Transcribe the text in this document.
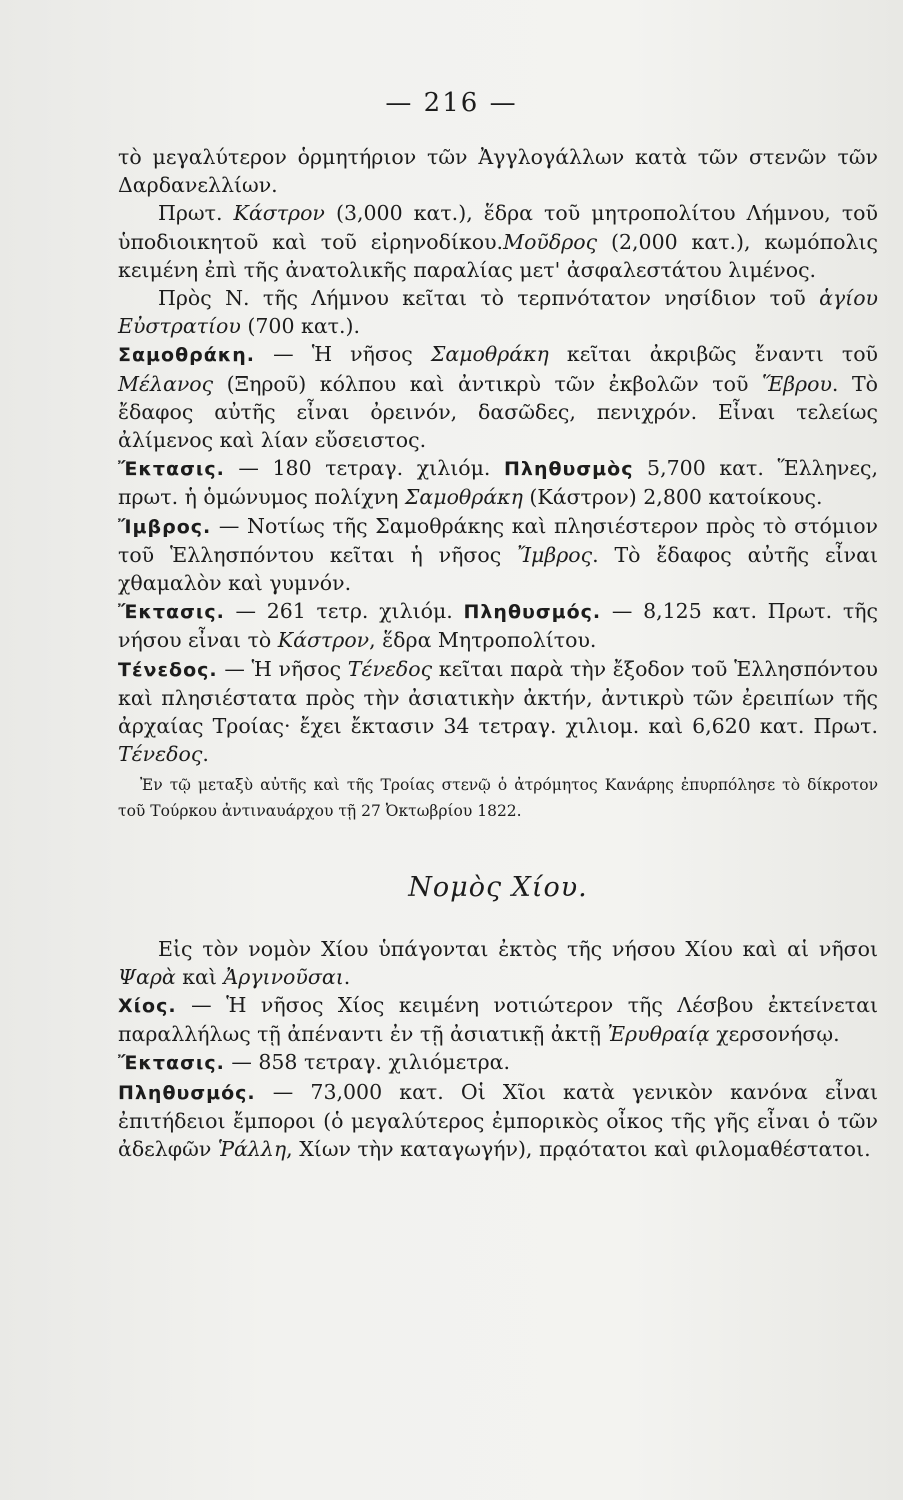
— 216 —

τὸ μεγαλύτερον ὁρμητήριον τῶν Ἀγγλογάλλων κατὰ τῶν στενῶν τῶν Δαρδανελλίων.

Πρωτ. Κάστρον (3,000 κατ.), ἕδρα τοῦ μητροπολίτου Λήμνου, τοῦ ὑποδιοικητοῦ καὶ τοῦ εἰρηνοδίκου.Μοῦδρος (2,000 κατ.), κωμόπολις κειμένη ἐπὶ τῆς ἀνατολικῆς παραλίας μετ' ἀσφαλεστάτου λιμένος.

Πρὸς Ν. τῆς Λήμνου κεῖται τὸ τερπνότατον νησίδιον τοῦ ἁγίου Εὐστρατίου (700 κατ.).

Σαμοθράκη. — Ἡ νῆσος Σαμοθράκη κεῖται ἀκριβῶς ἔναντι τοῦ Μέλανος (Ξηροῦ) κόλπου καὶ ἀντικρὺ τῶν ἐκβολῶν τοῦ Ἕβρου. Τὸ ἔδαφος αὐτῆς εἶναι ὀρεινόν, δασῶδες, πενιχρόν. Εἶναι τελείως ἀλίμενος καὶ λίαν εὔσειστος.

Ἔκτασις. — 180 τετραγ. χιλιόμ. Πληθυσμὸς 5,700 κατ. Ἕλληνες, πρωτ. ἡ ὁμώνυμος πολίχνη Σαμοθράκη (Κάστρον) 2,800 κατοίκους.

Ἴμβρος. — Νοτίως τῆς Σαμοθράκης καὶ πλησιέστερον πρὸς τὸ στόμιον τοῦ Ἑλλησπόντου κεῖται ἡ νῆσος Ἴμβρος. Τὸ ἔδαφος αὐτῆς εἶναι χθαμαλὸν καὶ γυμνόν.

Ἔκτασις. — 261 τετρ. χιλιόμ. Πληθυσμός. — 8,125 κατ. Πρωτ. τῆς νήσου εἶναι τὸ Κάστρον, ἕδρα Μητροπολίτου.

Τένεδος. — Ἡ νῆσος Τένεδος κεῖται παρὰ τὴν ἔξοδον τοῦ Ἑλλησπόντου καὶ πλησιέστατα πρὸς τὴν ἀσιατικὴν ἀκτήν, ἀντικρὺ τῶν ἐρειπίων τῆς ἀρχαίας Τροίας· ἔχει ἔκτασιν 34 τετραγ. χιλιομ. καὶ 6,620 κατ. Πρωτ. Τένεδος.

Ἐν τῷ μεταξὺ αὐτῆς καὶ τῆς Τροίας στενῷ ὁ ἀτρόμητος Κανάρης ἐπυρπόλησε τὸ δίκροτον τοῦ Τούρκου ἀντιναυάρχου τῇ 27 Ὀκτωβρίου 1822.

Νομὸς Χίου.

Εἰς τὸν νομὸν Χίου ὑπάγονται ἐκτὸς τῆς νήσου Χίου καὶ αἱ νῆσοι Ψαρὰ καὶ Ἀργινοῦσαι.

Χίος. — Ἡ νῆσος Χίος κειμένη νοτιώτερον τῆς Λέσβου ἐκτείνεται παραλλήλως τῇ ἀπέναντι ἐν τῇ ἀσιατικῇ ἀκτῇ Ἐρυθραίᾳ χερσονήσῳ.

Ἔκτασις. — 858 τετραγ. χιλιόμετρα.

Πληθυσμός. — 73,000 κατ. Οἱ Χῖοι κατὰ γενικὸν κανόνα εἶναι ἐπιτήδειοι ἔμποροι (ὁ μεγαλύτερος ἐμπορικὸς οἶκος τῆς γῆς εἶναι ὁ τῶν ἀδελφῶν Ῥάλλη, Χίων τὴν καταγωγήν), πρᾳότατοι καὶ φιλομαθέστατοι.
